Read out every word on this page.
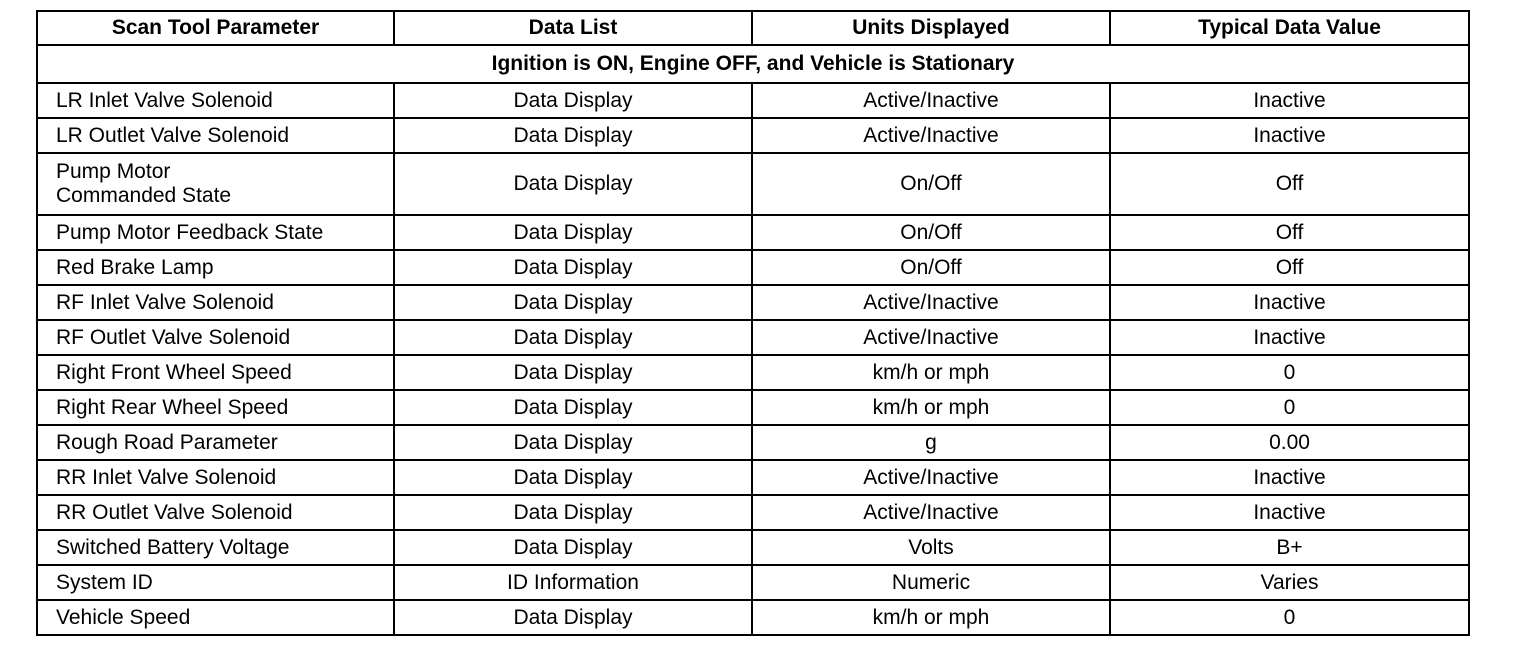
Scan Tool Parameter	Data List	Units Displayed	Typical Data Value
Ignition is ON, Engine OFF, and Vehicle is Stationary			
LR Inlet Valve Solenoid	Data Display	Active/Inactive	Inactive
LR Outlet Valve Solenoid	Data Display	Active/Inactive	Inactive
Pump Motor
Commanded State	Data Display	On/Off	Off
Pump Motor Feedback State	Data Display	On/Off	Off
Red Brake Lamp	Data Display	On/Off	Off
RF Inlet Valve Solenoid	Data Display	Active/Inactive	Inactive
RF Outlet Valve Solenoid	Data Display	Active/Inactive	Inactive
Right Front Wheel Speed	Data Display	km/h or mph	0
Right Rear Wheel Speed	Data Display	km/h or mph	0
Rough Road Parameter	Data Display	g	0.00
RR Inlet Valve Solenoid	Data Display	Active/Inactive	Inactive
RR Outlet Valve Solenoid	Data Display	Active/Inactive	Inactive
Switched Battery Voltage	Data Display	Volts	B+
System ID	ID Information	Numeric	Varies
Vehicle Speed	Data Display	km/h or mph	0
